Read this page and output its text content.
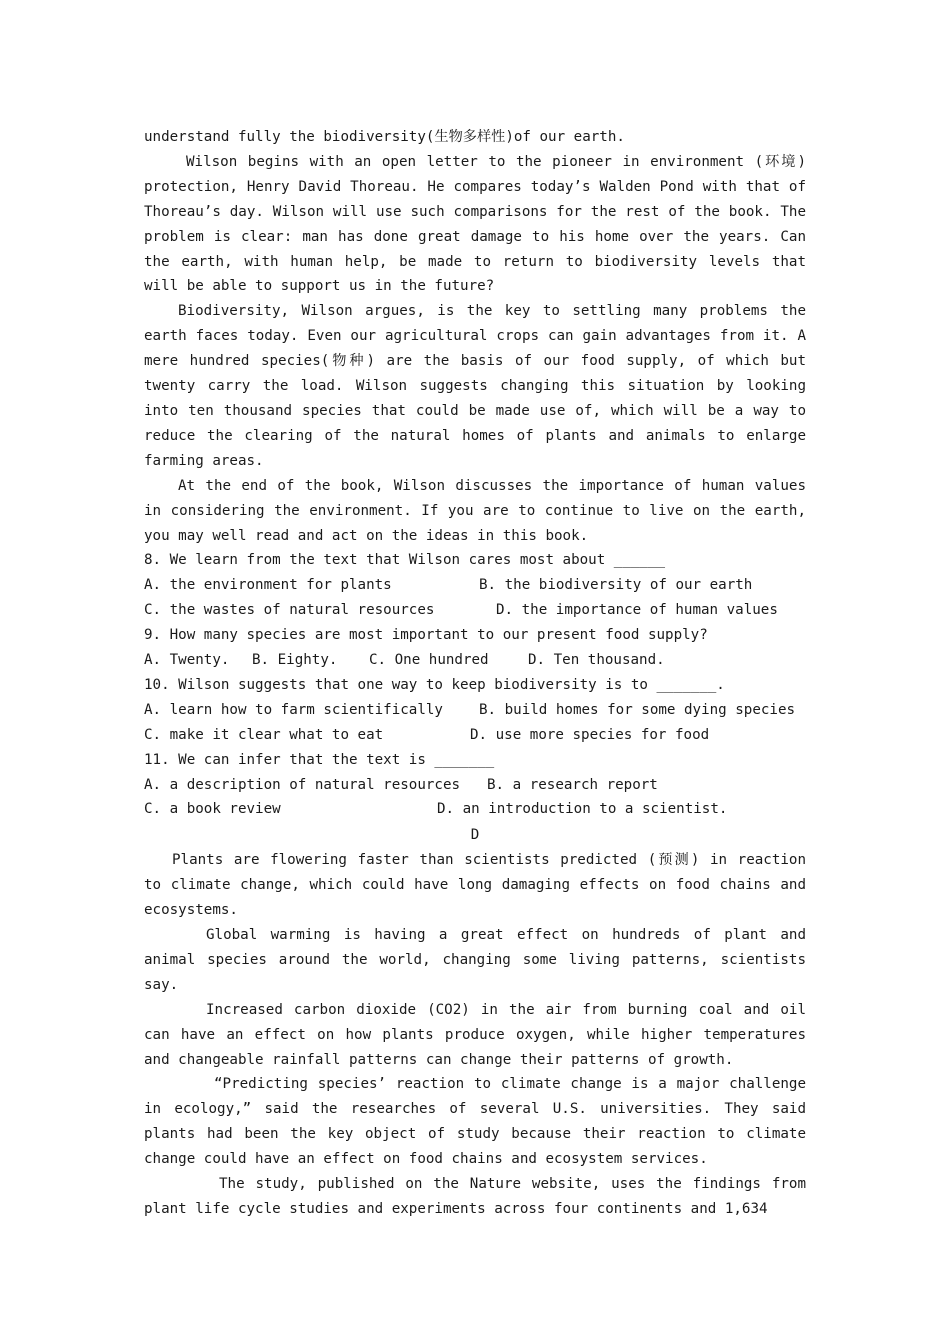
understand fully the biodiversity(生物多样性)of our earth.

Wilson begins with an open letter to the pioneer in environment (环境) protection, Henry David Thoreau. He compares today’s Walden Pond with that of Thoreau’s day. Wilson will use such comparisons for the rest of the book. The problem is clear: man has done great damage to his home over the years. Can the earth, with human help, be made to return to biodiversity levels that will be able to support us in the future?

Biodiversity, Wilson argues, is the key to settling many problems the earth faces today. Even our agricultural crops can gain advantages from it. A mere hundred species(物种) are the basis of our food supply, of which but twenty carry the load. Wilson suggests changing this situation by looking into ten thousand species that could be made use of, which will be a way to reduce the clearing of the natural homes of plants and animals to enlarge farming areas.

At the end of the book, Wilson discusses the importance of human values in considering the environment. If you are to continue to live on the earth, you may well read and act on the ideas in this book.

8. We learn from the text that Wilson cares most about ______

A. the environment for plants	B. the biodiversity of our earth
C. the wastes of natural resources	D. the importance of human values

9. How many species are most important to our present food supply?

A. Twenty. B. Eighty. C. One hundred	D. Ten thousand.

10. Wilson suggests that one way to keep biodiversity is to _______.

A. learn how to farm scientifically	B. build homes for some dying species
C. make it clear what to eat	D. use more species for food

11. We can infer that the text is _______

A. a description of natural resources B. a research report
C. a book review	D. an introduction to a scientist.

D

Plants are flowering faster than scientists predicted (预测) in reaction to climate change, which could have long damaging effects on food chains and ecosystems.

Global warming is having a great effect on hundreds of plant and animal species around the world, changing some living patterns, scientists say.

Increased carbon dioxide (CO2) in the air from burning coal and oil can have an effect on how plants produce oxygen, while higher temperatures and changeable rainfall patterns can change their patterns of growth.

“Predicting species’ reaction to climate change is a major challenge in ecology,” said the researches of several U.S. universities. They said plants had been the key object of study because their reaction to climate change could have an effect on food chains and ecosystem services.

The study, published on the Nature website, uses the findings from plant life cycle studies and experiments across four continents and 1,634
